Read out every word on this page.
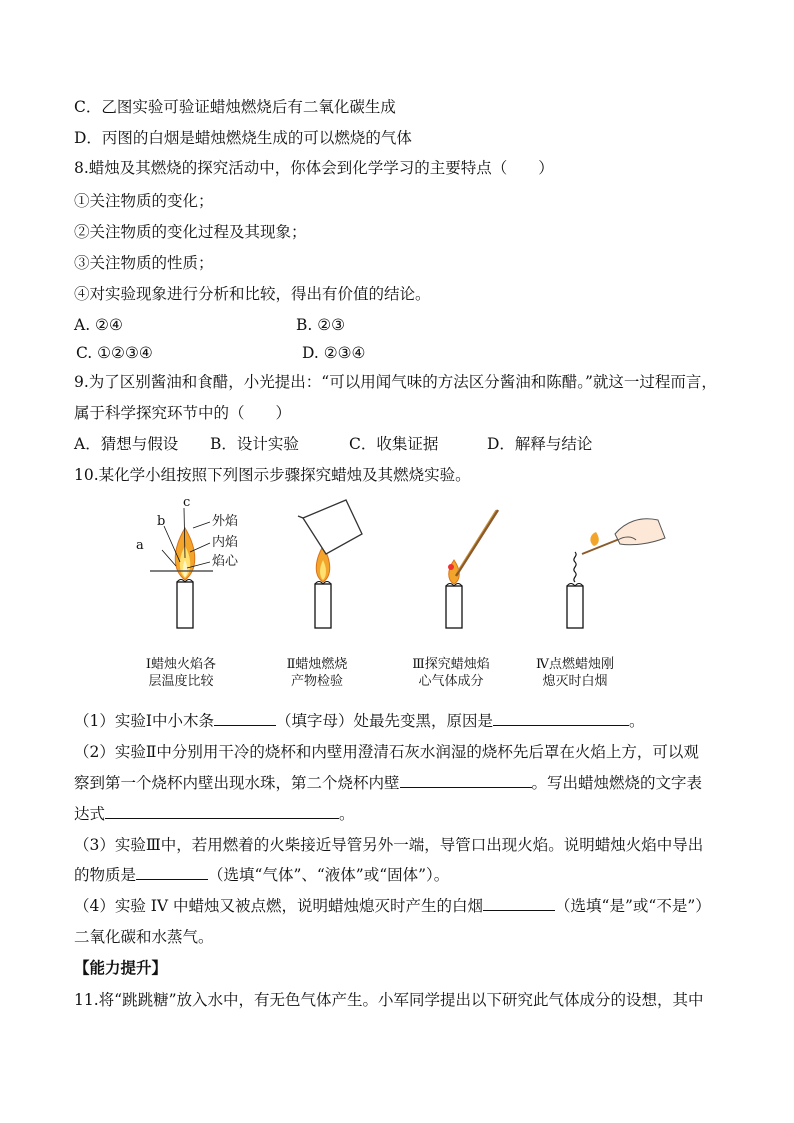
C．乙图实验可验证蜡烛燃烧后有二氧化碳生成
D．丙图的白烟是蜡烛燃烧生成的可以燃烧的气体
8.蜡烛及其燃烧的探究活动中，你体会到化学学习的主要特点（　　）
①关注物质的变化；
②关注物质的变化过程及其现象；
③关注物质的性质；
④对实验现象进行分析和比较，得出有价值的结论。
A. ②④	B. ②③
C. ①②③④	D. ②③④
9.为了区别酱油和食醋，小光提出：“可以用闻气味的方法区分酱油和陈醋。”就这一过程而言，
属于科学探究环节中的（　　）
A．猜想与假设 B．设计实验	C．收集证据	D．解释与结论
10.某化学小组按照下列图示步骤探究蜡烛及其燃烧实验。
c
b
a
外焰
内焰
焰心
Ⅰ蜡烛火焰各
层温度比较
Ⅱ蜡烛燃烧
产物检验
Ⅲ探究蜡烛焰
心气体成分
Ⅳ点燃蜡烛刚
熄灭时白烟
（1）实验Ⅰ中小木条	（填字母）处最先变黑，原因是	。
（2）实验Ⅱ中分别用干冷的烧杯和内壁用澄清石灰水润湿的烧杯先后罩在火焰上方，可以观
察到第一个烧杯内壁出现水珠，第二个烧杯内壁	。写出蜡烛燃烧的文字表
达式	。
（3）实验Ⅲ中，若用燃着的火柴接近导管另外一端，导管口出现火焰。说明蜡烛火焰中导出
的物质是	（选填“气体”、“液体”或“固体”）。
（4）实验 IV 中蜡烛又被点燃，说明蜡烛熄灭时产生的白烟	（选填“是”或“不是”）
二氧化碳和水蒸气。
【能力提升】
11.将“跳跳糖”放入水中，有无色气体产生。小军同学提出以下研究此气体成分的设想，其中
